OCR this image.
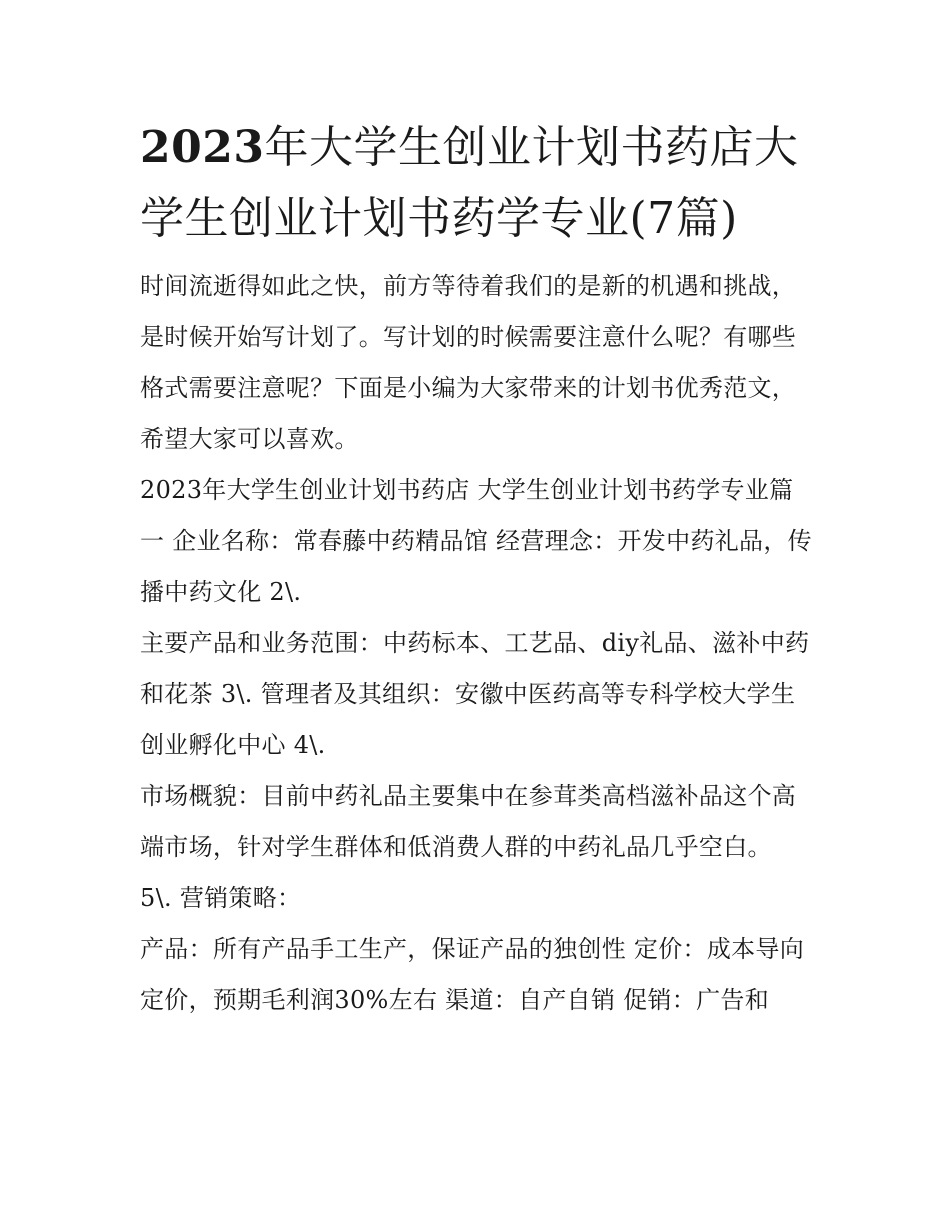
2023年大学生创业计划书药店大学生创业计划书药学专业(7篇)

时间流逝得如此之快，前方等待着我们的是新的机遇和挑战，是时候开始写计划了。写计划的时候需要注意什么呢？有哪些格式需要注意呢？下面是小编为大家带来的计划书优秀范文，希望大家可以喜欢。

2023年大学生创业计划书药店 大学生创业计划书药学专业篇一 企业名称：常春藤中药精品馆 经营理念：开发中药礼品，传播中药文化 2\.

主要产品和业务范围：中药标本、工艺品、diy礼品、滋补中药和花茶 3\. 管理者及其组织：安徽中医药高等专科学校大学生创业孵化中心 4\.

市场概貌：目前中药礼品主要集中在参茸类高档滋补品这个高端市场，针对学生群体和低消费人群的中药礼品几乎空白。

5\. 营销策略：

产品：所有产品手工生产，保证产品的独创性 定价：成本导向定价，预期毛利润30%左右 渠道：自产自销 促销：广告和
